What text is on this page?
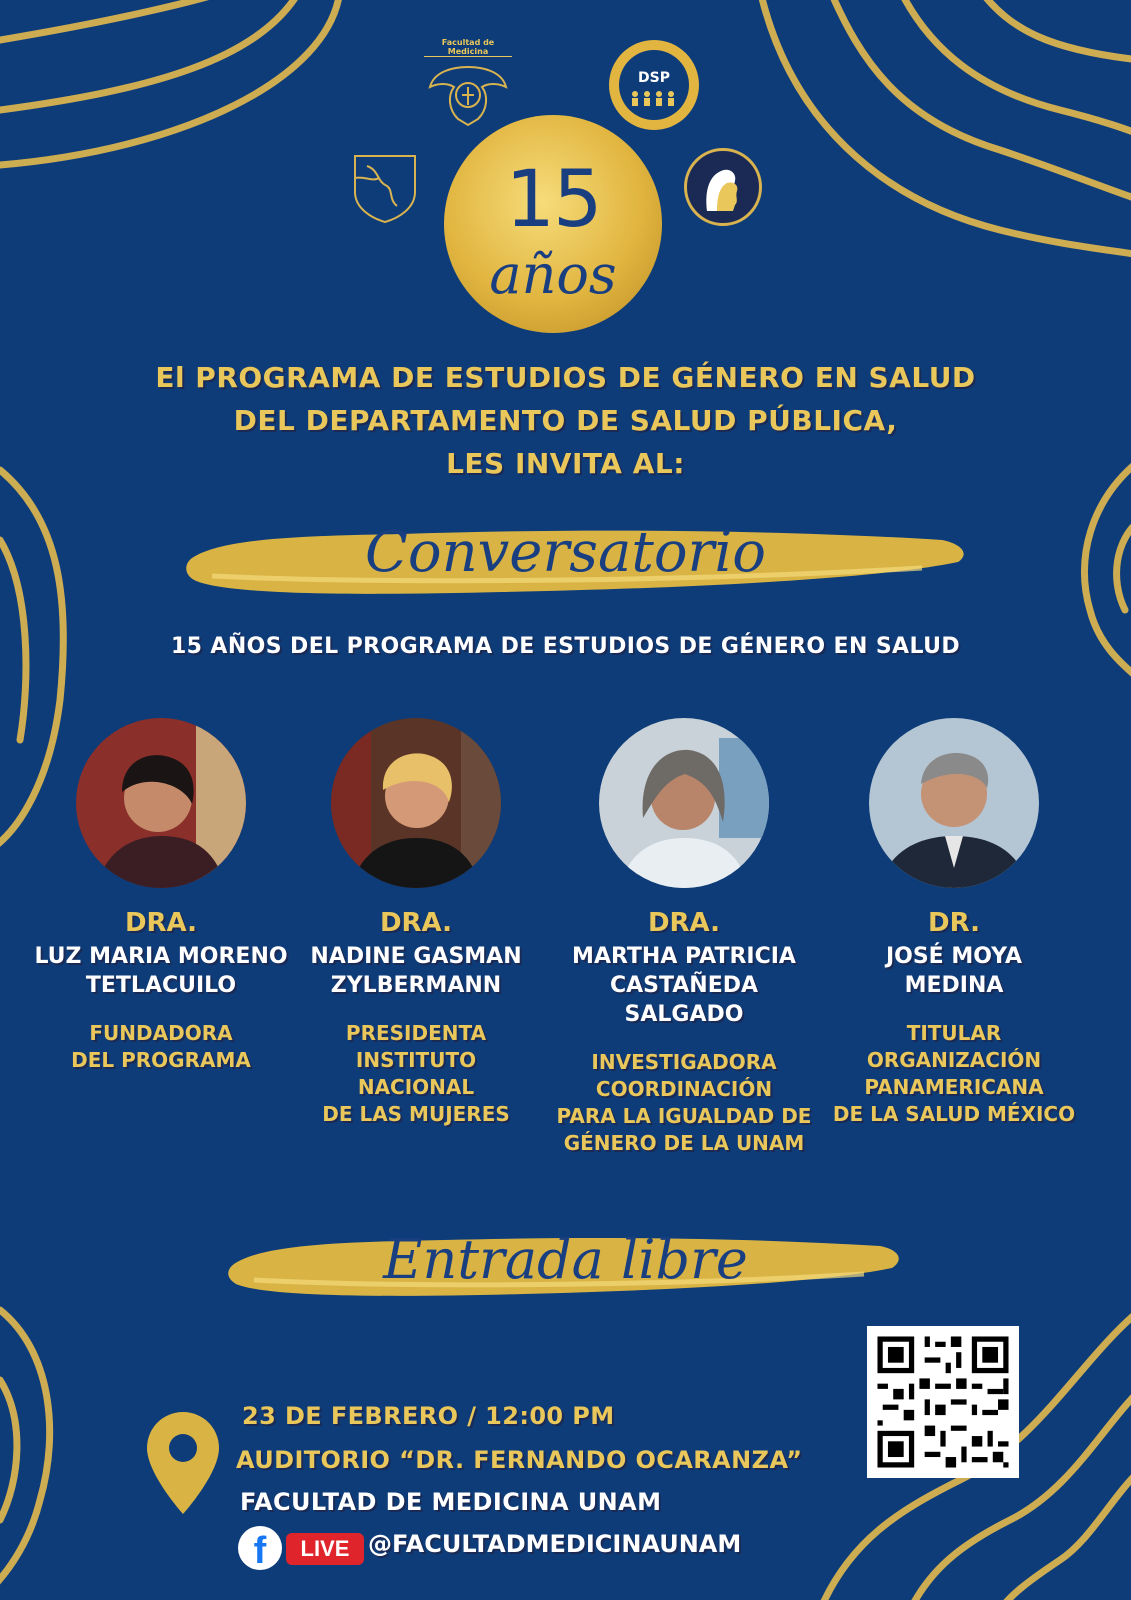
Facultad de Medicina
DSP
15
años
El PROGRAMA DE ESTUDIOS DE GÉNERO EN SALUD
DEL DEPARTAMENTO DE SALUD PÚBLICA,
LES INVITA AL:
Conversatorio
15 AÑOS DEL PROGRAMA DE ESTUDIOS DE GÉNERO EN SALUD
DRA.
LUZ MARIA MORENO
TETLACUILO
FUNDADORA
DEL PROGRAMA
DRA.
NADINE GASMAN
ZYLBERMANN
PRESIDENTA
INSTITUTO
NACIONAL
DE LAS MUJERES
DRA.
MARTHA PATRICIA
CASTAÑEDA SALGADO
INVESTIGADORA
COORDINACIÓN
PARA LA IGUALDAD DE
GÉNERO DE LA UNAM
DR.
JOSÉ MOYA
MEDINA
TITULAR
ORGANIZACIÓN
PANAMERICANA
DE LA SALUD MÉXICO
Entrada libre
23 DE FEBRERO / 12:00 PM
AUDITORIO “DR. FERNANDO OCARANZA”
FACULTAD DE MEDICINA UNAM
f	LIVE @FACULTADMEDICINAUNAM
